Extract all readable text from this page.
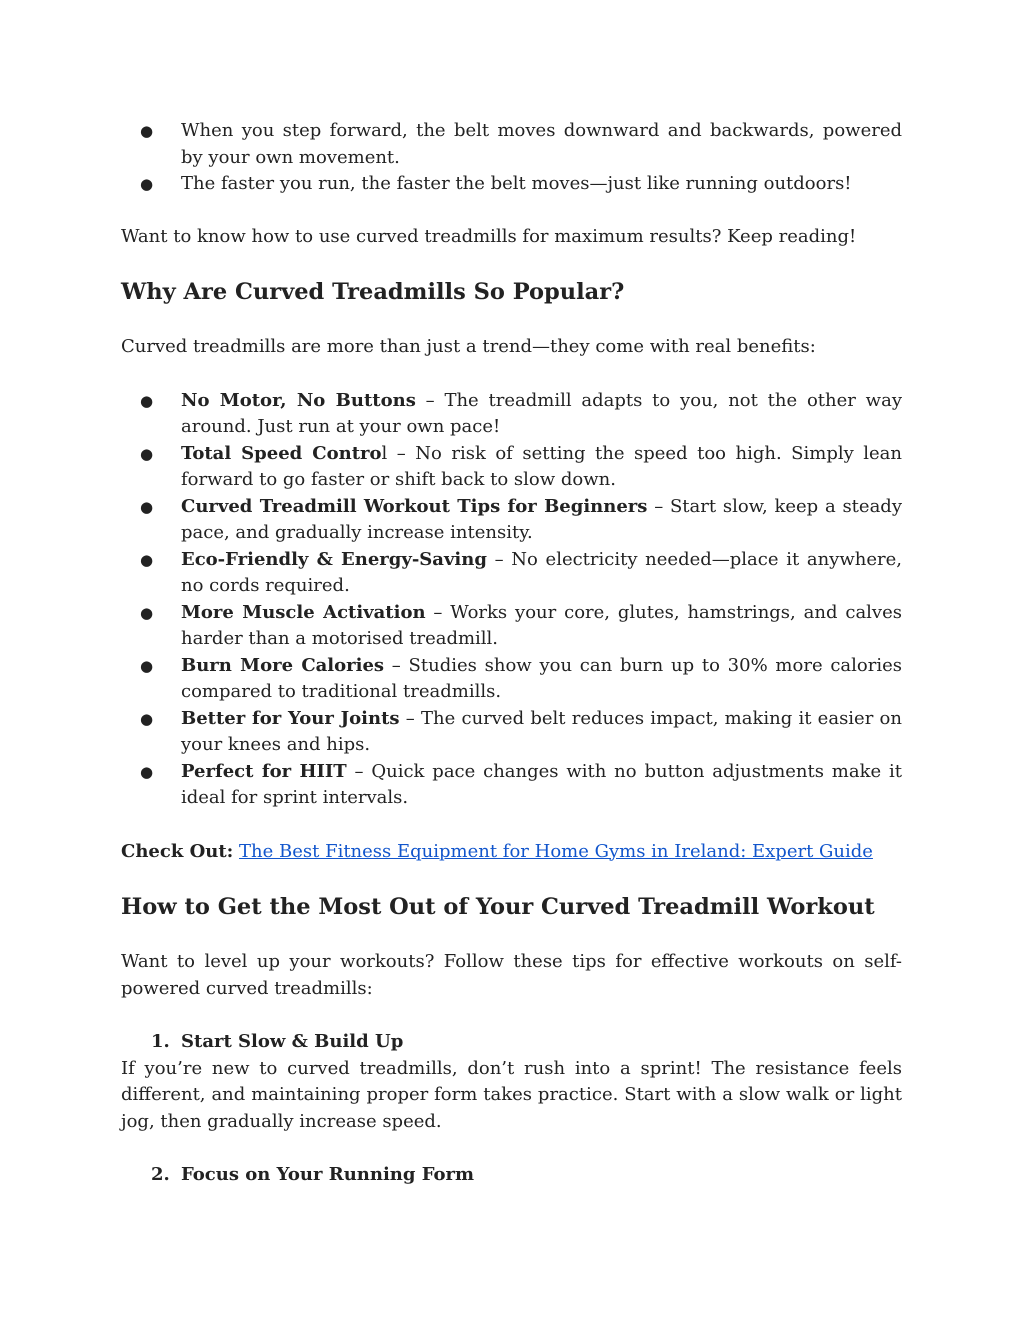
● When you step forward, the belt moves downward and backwards, powered by your own movement.
● The faster you run, the faster the belt moves—just like running outdoors!

Want to know how to use curved treadmills for maximum results? Keep reading!

Why Are Curved Treadmills So Popular?

Curved treadmills are more than just a trend—they come with real benefits:

● No Motor, No Buttons – The treadmill adapts to you, not the other way around. Just run at your own pace!
● Total Speed Control – No risk of setting the speed too high. Simply lean forward to go faster or shift back to slow down.
● Curved Treadmill Workout Tips for Beginners – Start slow, keep a steady pace, and gradually increase intensity.
● Eco-Friendly & Energy-Saving – No electricity needed—place it anywhere, no cords required.
● More Muscle Activation – Works your core, glutes, hamstrings, and calves harder than a motorised treadmill.
● Burn More Calories – Studies show you can burn up to 30% more calories compared to traditional treadmills.
● Better for Your Joints – The curved belt reduces impact, making it easier on your knees and hips.
● Perfect for HIIT – Quick pace changes with no button adjustments make it ideal for sprint intervals.

Check Out: The Best Fitness Equipment for Home Gyms in Ireland: Expert Guide

How to Get the Most Out of Your Curved Treadmill Workout

Want to level up your workouts? Follow these tips for effective workouts on self-powered curved treadmills:

1. Start Slow & Build Up

If you’re new to curved treadmills, don’t rush into a sprint! The resistance feels different, and maintaining proper form takes practice. Start with a slow walk or light jog, then gradually increase speed.

2. Focus on Your Running Form
